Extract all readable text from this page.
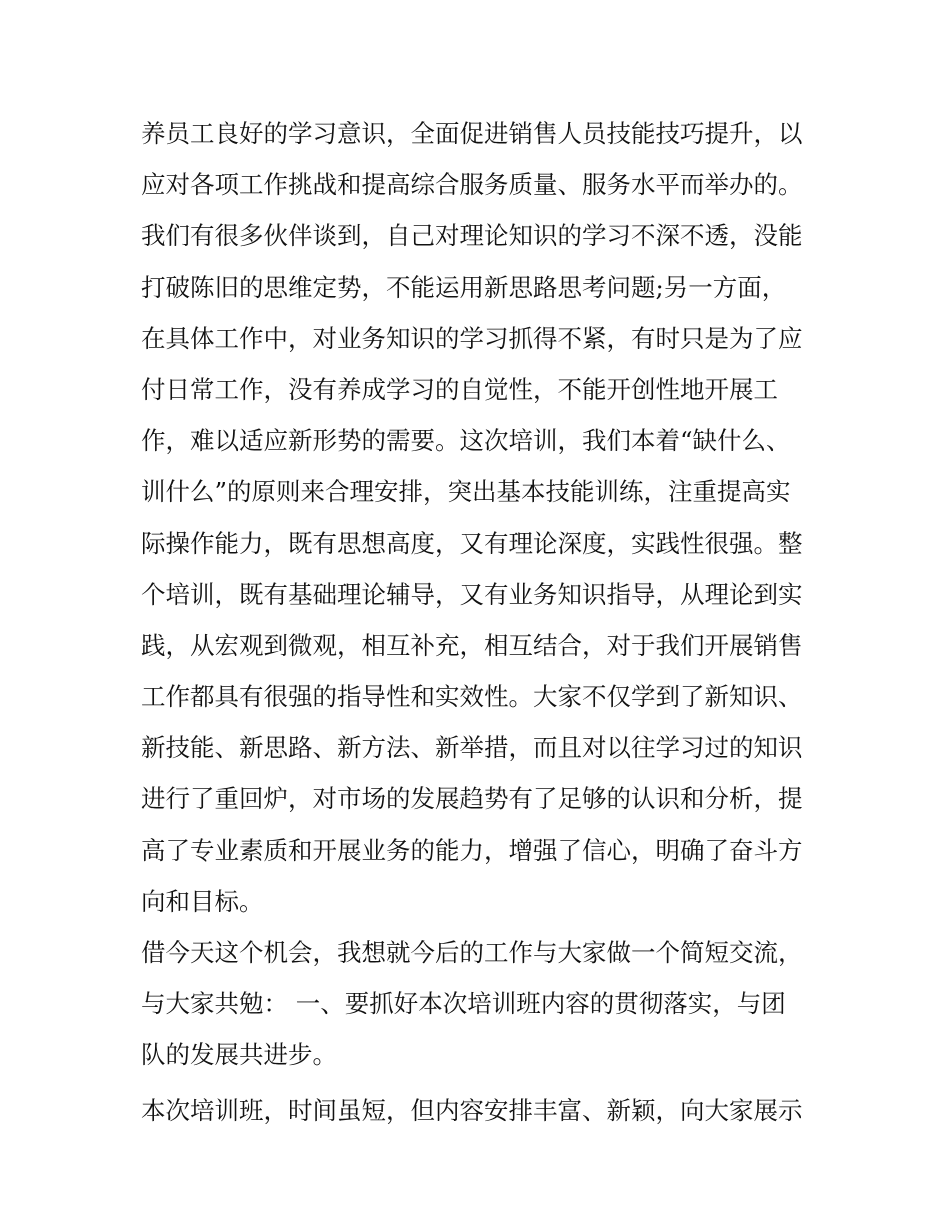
养员工良好的学习意识，全面促进销售人员技能技巧提升，以
应对各项工作挑战和提高综合服务质量、服务水平而举办的。
我们有很多伙伴谈到，自己对理论知识的学习不深不透，没能
打破陈旧的思维定势，不能运用新思路思考问题;另一方面，
在具体工作中，对业务知识的学习抓得不紧，有时只是为了应
付日常工作，没有养成学习的自觉性，不能开创性地开展工
作，难以适应新形势的需要。这次培训，我们本着“缺什么、
训什么”的原则来合理安排，突出基本技能训练，注重提高实
际操作能力，既有思想高度，又有理论深度，实践性很强。整
个培训，既有基础理论辅导，又有业务知识指导，从理论到实
践，从宏观到微观，相互补充，相互结合，对于我们开展销售
工作都具有很强的指导性和实效性。大家不仅学到了新知识、
新技能、新思路、新方法、新举措，而且对以往学习过的知识
进行了重回炉，对市场的发展趋势有了足够的认识和分析，提
高了专业素质和开展业务的能力，增强了信心，明确了奋斗方
向和目标。
借今天这个机会，我想就今后的工作与大家做一个简短交流，
与大家共勉： 一、要抓好本次培训班内容的贯彻落实，与团
队的发展共进步。
本次培训班，时间虽短，但内容安排丰富、新颖，向大家展示
